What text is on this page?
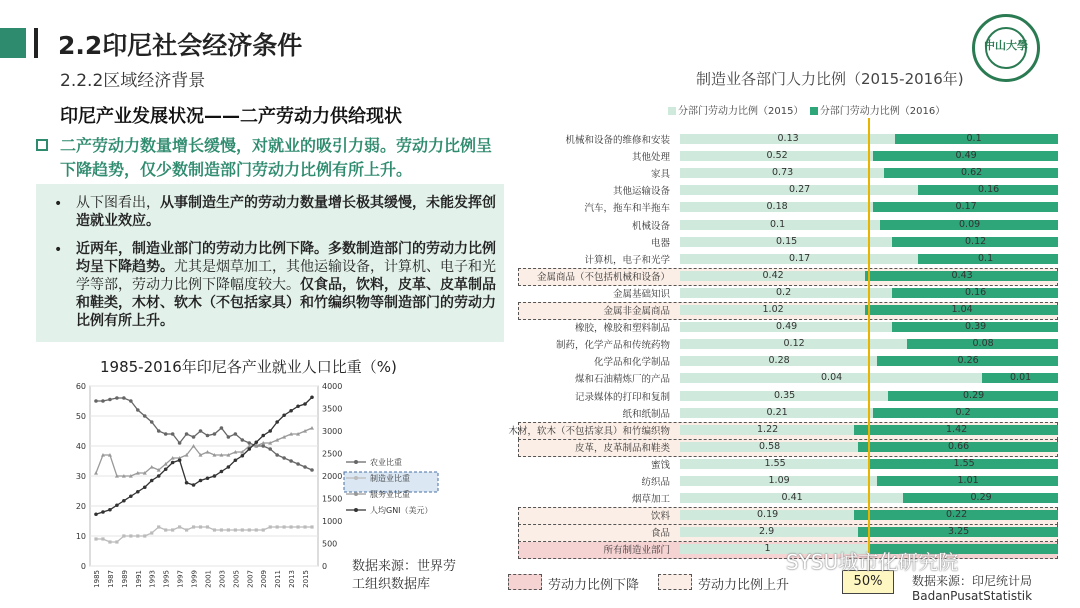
2.2印尼社会经济条件
2.2.2区域经济背景
印尼产业发展状况——二产劳动力供给现状
二产劳动力数量增长缓慢，对就业的吸引力弱。劳动力比例呈下降趋势，仅少数制造部门劳动力比例有所上升。
• 从下图看出，从事制造生产的劳动力数量增长极其缓慢，未能发挥创造就业效应。
• 近两年，制造业部门的劳动力比例下降。多数制造部门的劳动力比例均呈下降趋势。尤其是烟草加工，其他运输设备，计算机、电子和光学等部，劳动力比例下降幅度较大。仅食品，饮料，皮革、皮革制品和鞋类，木材、软木（不包括家具）和竹编织物等制造部门的劳动力比例有所上升。
中山大學
1985-2016年印尼各产业就业人口比重（%)
0
10
20
30
40
50
60
0
500
1000
1500
2000
2500
3000
3500
4000
1985 1987 1989 1991 1993 1995 1997 1999 2001 2003 2005 2007 2009 2011 2013 2015
农业比重
制造业比重
服务业比重
人均GNI（美元）
数据来源：世界劳工组织数据库
制造业各部门人力比例（2015-2016年)
分部门劳动力比例（2015） 分部门劳动力比例（2016）
机械和设备的维修和安装	0.13	0.1
其他处理	0.52	0.49
家具	0.73	0.62
其他运输设备	0.27	0.16
汽车，拖车和半拖车	0.18	0.17
机械设备	0.1	0.09
电器	0.15	0.12
计算机，电子和光学	0.17	0.1
金属商品（不包括机械和设备）	0.42	0.43
金属基础知识	0.2	0.16
金属非金属商品	1.02	1.04
橡胶，橡胶和塑料制品	0.49	0.39
制药，化学产品和传统药物	0.12	0.08
化学品和化学制品	0.28	0.26
煤和石油精炼厂的产品	0.04	0.01
记录媒体的打印和复制	0.35	0.29
纸和纸制品	0.21	0.2
木材，软木（不包括家具）和竹编织物	1.22	1.42
皮革，皮革制品和鞋类	0.58	0.66
蜜饯	1.55	1.55
纺织品	1.09	1.01
烟草加工	0.41	0.29
饮料	0.19	0.22
食品	2.9	3.25
所有制造业部门	1
50%
劳动力比例下降	劳动力比例上升	数据来源：印尼统计局
BadanPusatStatistik
SYSU城市化研究院
